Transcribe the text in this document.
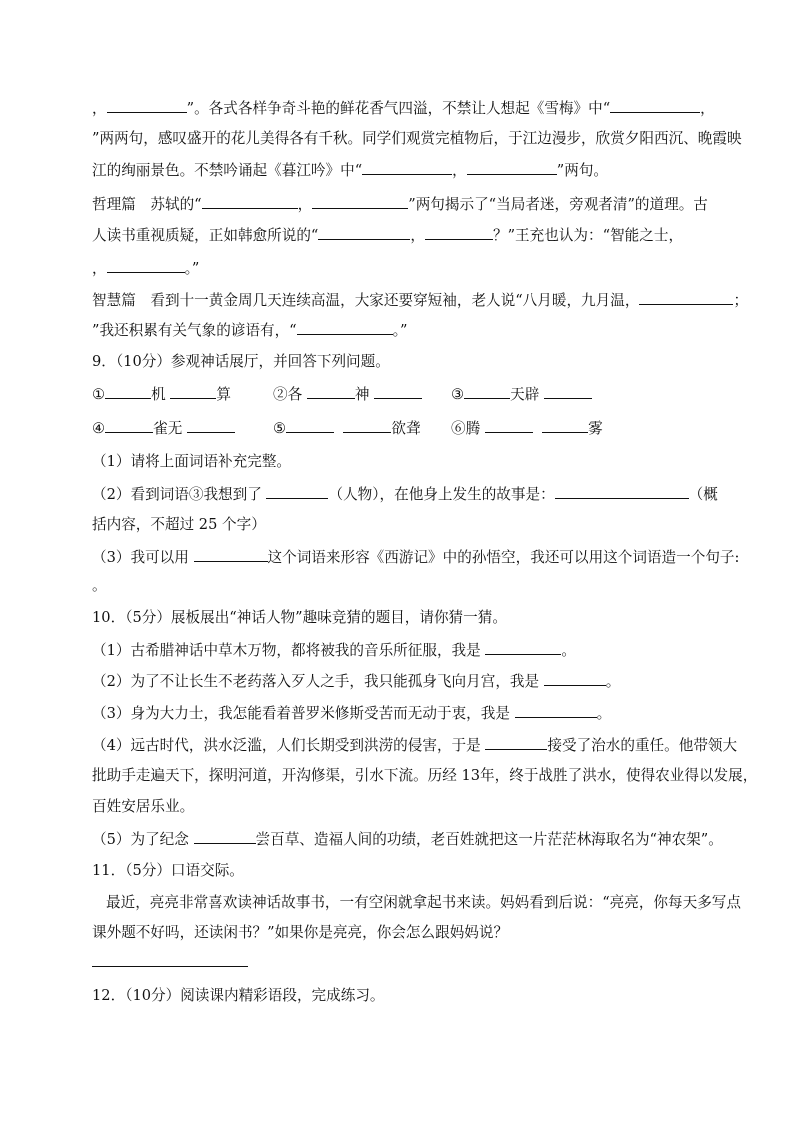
，	”。各式各样争奇斗艳的鲜花香气四溢，不禁让人想起《雪梅》中“	，
”两两句，感叹盛开的花儿美得各有千秋。同学们观赏完植物后，于江边漫步，欣赏夕阳西沉、晚霞映
江的绚丽景色。不禁吟诵起《暮江吟》中“	，	”两句。
哲理篇　苏轼的“	，	”两句揭示了“当局者迷，旁观者清”的道理。古
人读书重视质疑，正如韩愈所说的“	，	？”王充也认为：“智能之士，
，	。”
智慧篇　看到十一黄金周几天连续高温，大家还要穿短袖，老人说“八月暖，九月温，	；
”我还积累有关气象的谚语有，“	。”
9．（10分）参观神话展厅，并回答下列问题。
①	机	算	②各	神	③	天辟
④	雀无	⑤	欲聋 ⑥腾	雾
（1）请将上面词语补充完整。
（2）看到词语③我想到了	（人物），在他身上发生的故事是：	（概
括内容，不超过 25 个字）
（3）我可以用	这个词语来形容《西游记》中的孙悟空，我还可以用这个词语造一个句子:
。
10．（5分）展板展出“神话人物”趣味竞猜的题目，请你猜一猜。
（1）古希腊神话中草木万物，都将被我的音乐所征服，我是	。
（2）为了不让长生不老药落入歹人之手，我只能孤身飞向月宫，我是	。
（3）身为大力士，我怎能看着普罗米修斯受苦而无动于衷，我是	。
（4）远古时代，洪水泛滥，人们长期受到洪涝的侵害，于是	接受了治水的重任。他带领大
批助手走遍天下，探明河道，开沟修渠，引水下流。历经 13年，终于战胜了洪水，使得农业得以发展，
百姓安居乐业。
（5）为了纪念	尝百草、造福人间的功绩，老百姓就把这一片茫茫林海取名为“神农架”。
11．（5分）口语交际。
最近，亮亮非常喜欢读神话故事书，一有空闲就拿起书来读。妈妈看到后说：“亮亮，你每天多写点
课外题不好吗，还读闲书？”如果你是亮亮，你会怎么跟妈妈说？
12．（10分）阅读课内精彩语段，完成练习。
